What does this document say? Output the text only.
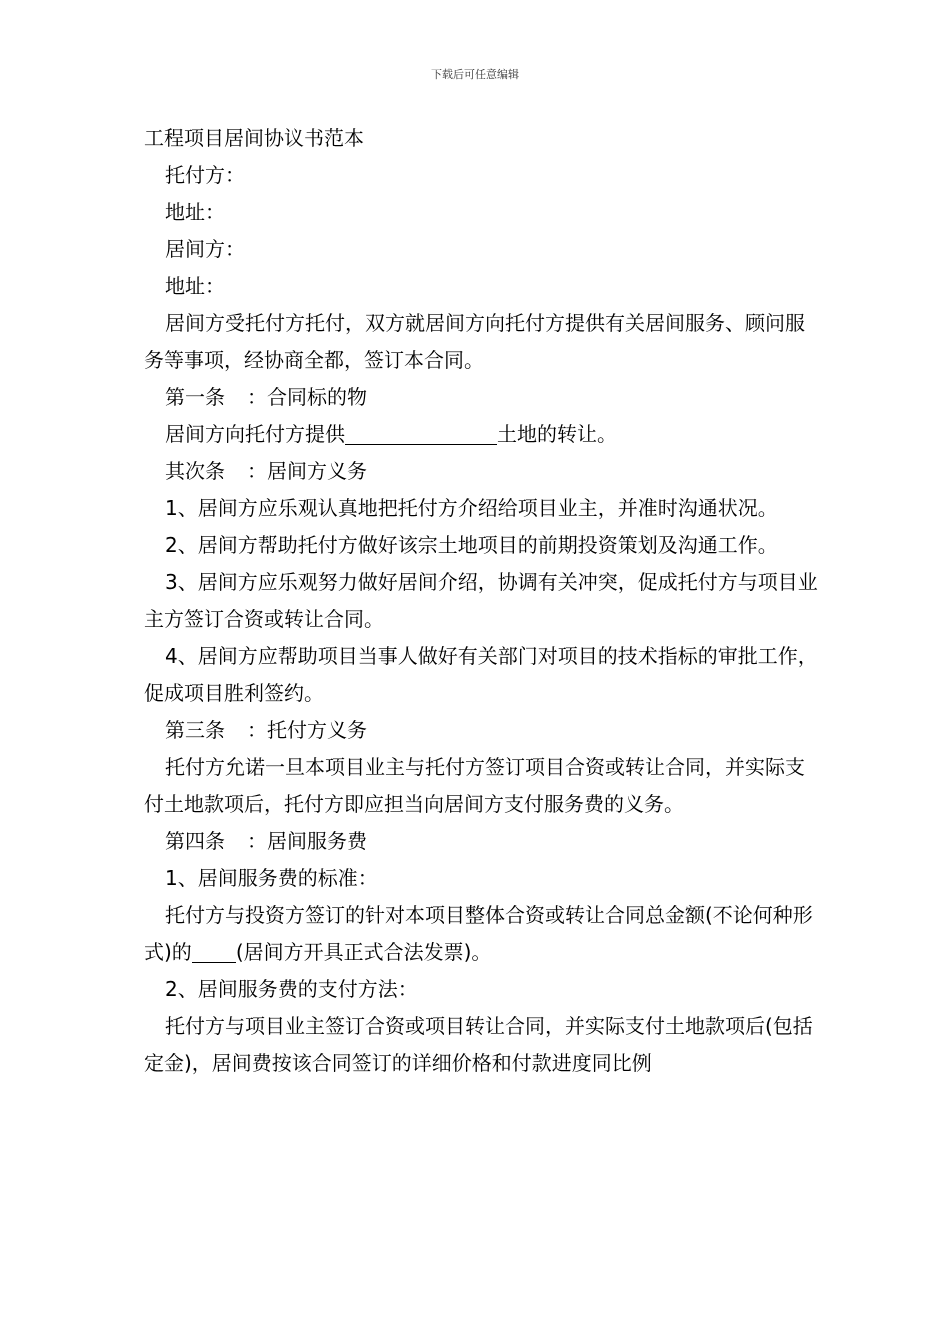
下载后可任意编辑

工程项目居间协议书范本

托付方：

地址：

居间方：

地址：

居间方受托付方托付，双方就居间方向托付方提供有关居间服务、顾问服务等事项，经协商全都，签订本合同。

第一条 ：合同标的物

居间方向托付方提供	土地的转让。

其次条 ：居间方义务

1、居间方应乐观认真地把托付方介绍给项目业主，并准时沟通状况。

2、居间方帮助托付方做好该宗土地项目的前期投资策划及沟通工作。

3、居间方应乐观努力做好居间介绍，协调有关冲突，促成托付方与项目业主方签订合资或转让合同。

4、居间方应帮助项目当事人做好有关部门对项目的技术指标的审批工作，促成项目胜利签约。

第三条 ：托付方义务

托付方允诺一旦本项目业主与托付方签订项目合资或转让合同，并实际支付土地款项后，托付方即应担当向居间方支付服务费的义务。

第四条 ：居间服务费

1、居间服务费的标准：

托付方与投资方签订的针对本项目整体合资或转让合同总金额(不论何种形式)的 (居间方开具正式合法发票)。

2、居间服务费的支付方法：

托付方与项目业主签订合资或项目转让合同，并实际支付土地款项后(包括定金)，居间费按该合同签订的详细价格和付款进度同比例
